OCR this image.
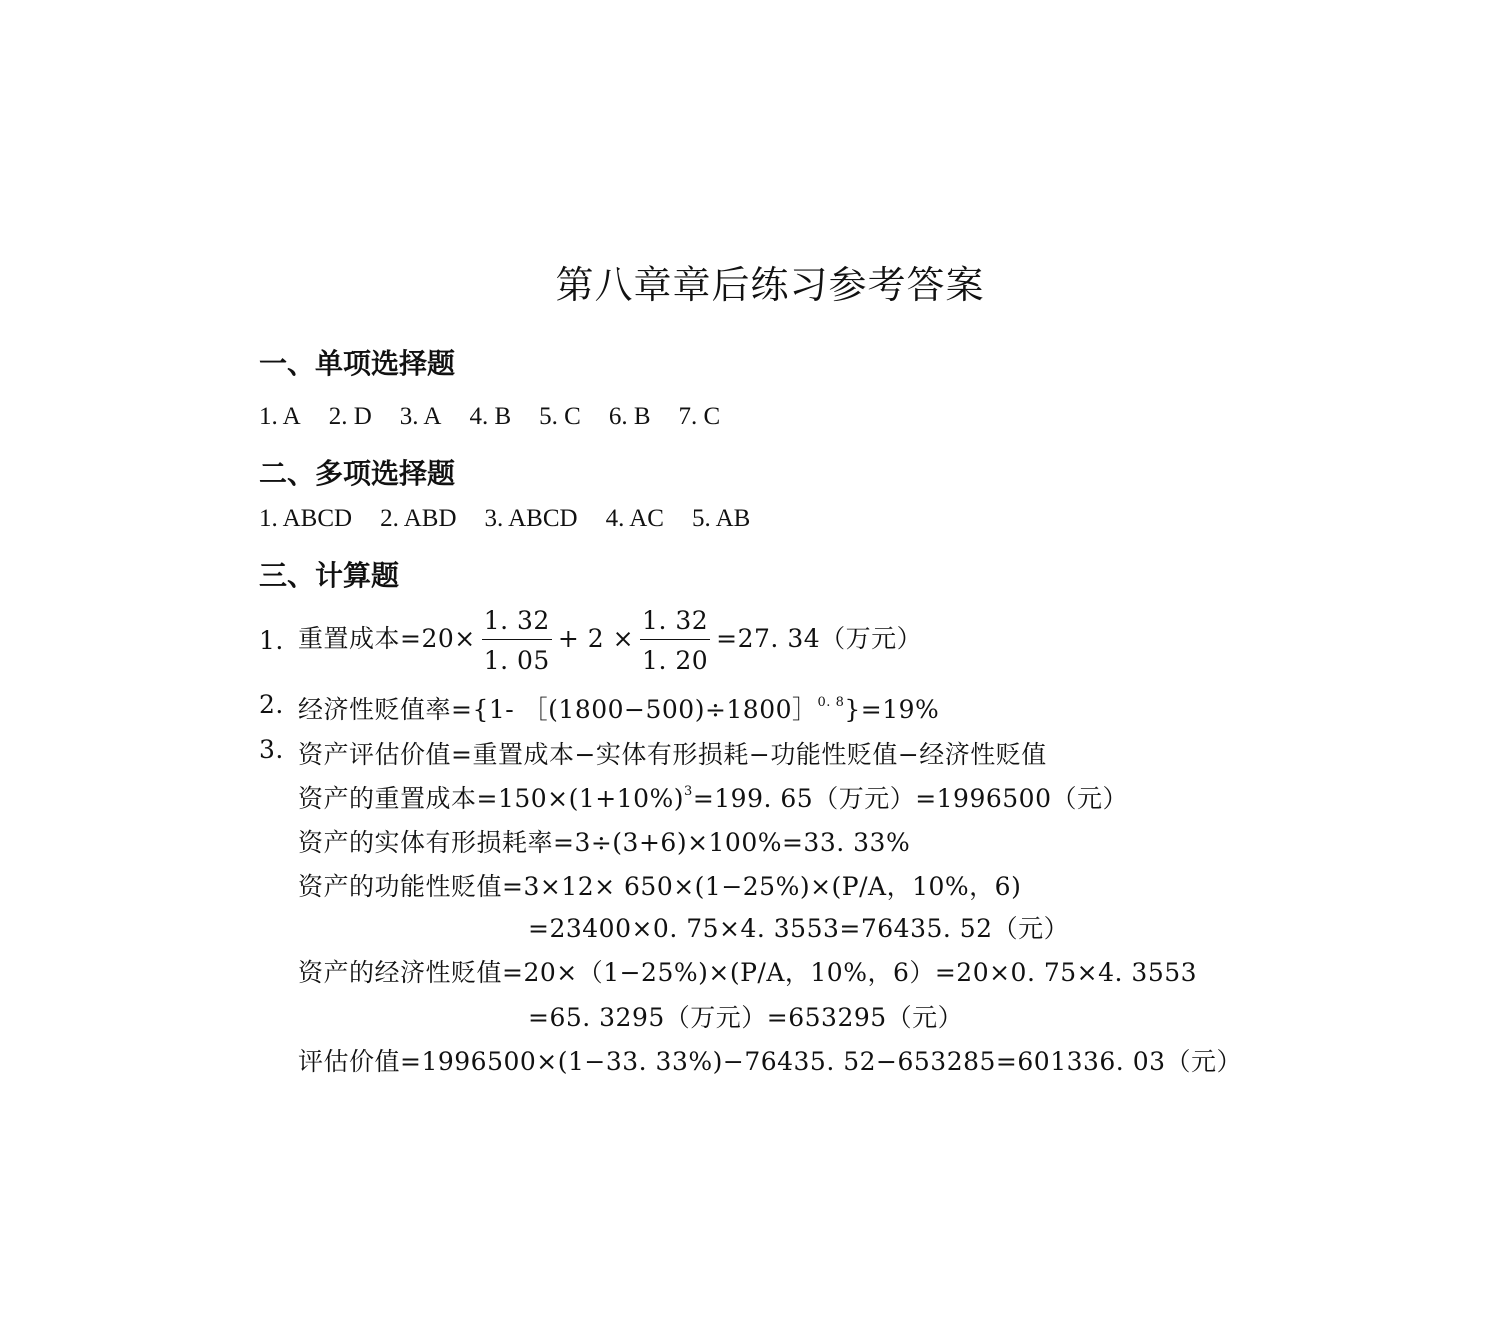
第八章章后练习参考答案
一、单项选择题
1. A 2. D 3. A 4. B 5. C 6. B 7. C
二、多项选择题
1. ABCD 2. ABD 3. ABCD 4. AC 5. AB
三、计算题
1. 重置成本$=20\times \frac{1. 32}{1. 05} + 2 \times \frac{1. 32}{1. 20} =27$. 34（万元）
2. 经济性贬值率={1- ［(1800−500)÷1800］$^{0. 8}$}=19%
3. 资产评估价值=重置成本−实体有形损耗−功能性贬值−经济性贬值
资产的重置成本$=150\times(1+10\%)^3=199$. 65（万元）=1996500（元）
资产的实体有形损耗率=3÷(3+6)×100%=33. 33%
资产的功能性贬值=3×12× 650×(1−25%)×(P/A，10%，6)
=23400×0. 75×4. 3553=76435. 52（元）
资产的经济性贬值=20×（1−25%)×(P/A，10%，6）=20×0. 75×4. 3553
=65. 3295（万元）=653295（元）
评估价值=1996500×(1−33. 33%)−76435. 52−653285=601336. 03（元）
